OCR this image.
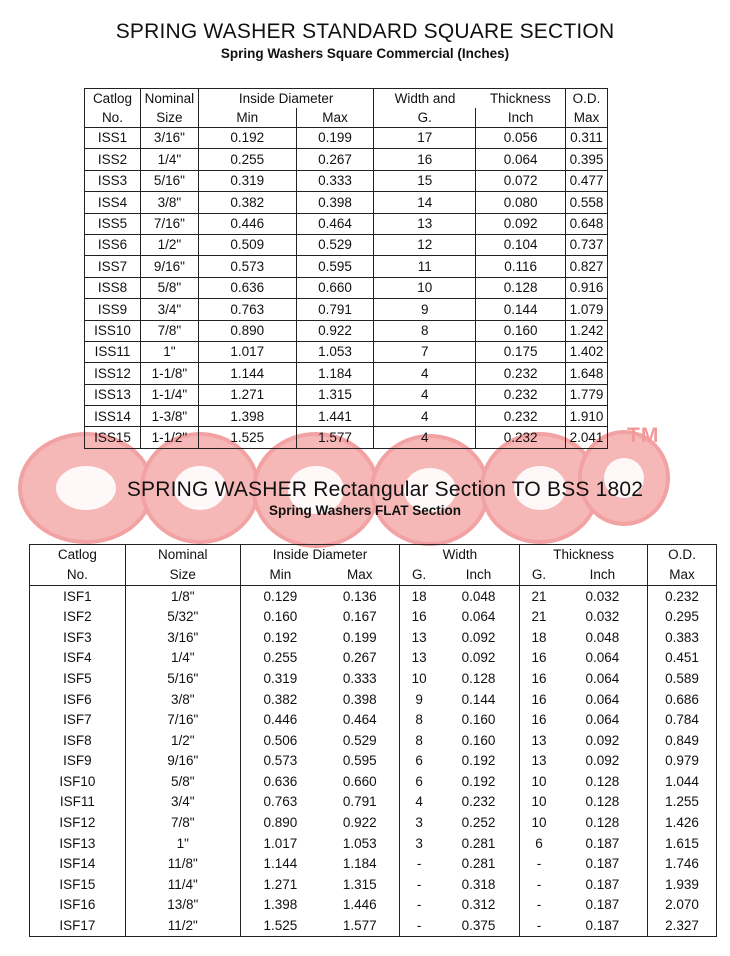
TM
SPRING WASHER STANDARD SQUARE SECTION
Spring Washers Square Commercial (Inches)
Catlog	Nominal	Inside Diameter		Width and	Thickness	O.D.
No.	Size	Min	Max	G.	Inch	Max
ISS1	3/16"	0.192	0.199	17	0.056	0.311
ISS2	1/4"	0.255	0.267	16	0.064	0.395
ISS3	5/16"	0.319	0.333	15	0.072	0.477
ISS4	3/8"	0.382	0.398	14	0.080	0.558
ISS5	7/16"	0.446	0.464	13	0.092	0.648
ISS6	1/2"	0.509	0.529	12	0.104	0.737
ISS7	9/16"	0.573	0.595	11	0.116	0.827
ISS8	5/8"	0.636	0.660	10	0.128	0.916
ISS9	3/4"	0.763	0.791	9	0.144	1.079
ISS10	7/8"	0.890	0.922	8	0.160	1.242
ISS11	1"	1.017	1.053	7	0.175	1.402
ISS12	1-1/8"	1.144	1.184	4	0.232	1.648
ISS13	1-1/4"	1.271	1.315	4	0.232	1.779
ISS14	1-3/8"	1.398	1.441	4	0.232	1.910
ISS15	1-1/2"	1.525	1.577	4	0.232	2.041
SPRING WASHER Rectangular Section TO BSS 1802
Spring Washers FLAT Section
Catlog	Nominal	Inside Diameter		Width		Thickness		O.D.
No.	Size	Min	Max	G.	Inch	G.	Inch	Max
ISF1	1/8"	0.129	0.136	18	0.048	21	0.032	0.232
ISF2	5/32"	0.160	0.167	16	0.064	21	0.032	0.295
ISF3	3/16"	0.192	0.199	13	0.092	18	0.048	0.383
ISF4	1/4"	0.255	0.267	13	0.092	16	0.064	0.451
ISF5	5/16"	0.319	0.333	10	0.128	16	0.064	0.589
ISF6	3/8"	0.382	0.398	9	0.144	16	0.064	0.686
ISF7	7/16"	0.446	0.464	8	0.160	16	0.064	0.784
ISF8	1/2"	0.506	0.529	8	0.160	13	0.092	0.849
ISF9	9/16"	0.573	0.595	6	0.192	13	0.092	0.979
ISF10	5/8"	0.636	0.660	6	0.192	10	0.128	1.044
ISF11	3/4"	0.763	0.791	4	0.232	10	0.128	1.255
ISF12	7/8"	0.890	0.922	3	0.252	10	0.128	1.426
ISF13	1"	1.017	1.053	3	0.281	6	0.187	1.615
ISF14	11/8"	1.144	1.184	-	0.281	-	0.187	1.746
ISF15	11/4"	1.271	1.315	-	0.318	-	0.187	1.939
ISF16	13/8"	1.398	1.446	-	0.312	-	0.187	2.070
ISF17	11/2"	1.525	1.577	-	0.375	-	0.187	2.327
